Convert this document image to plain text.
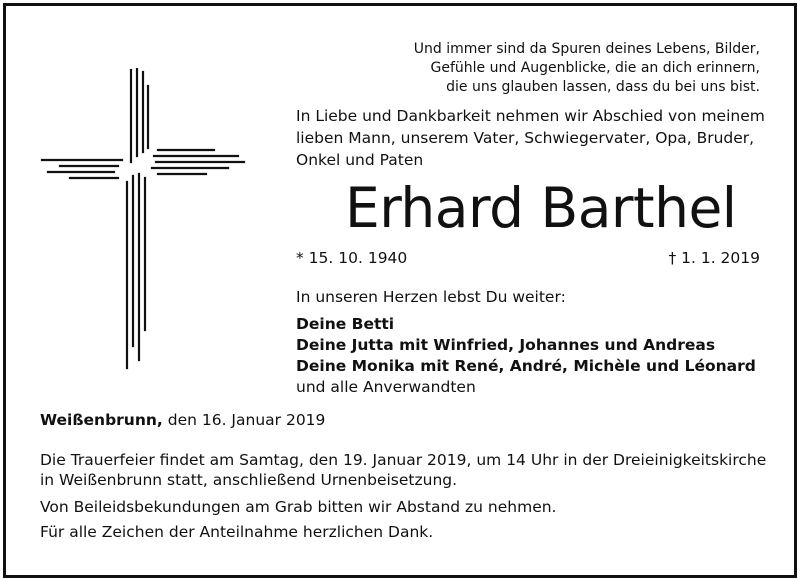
Und immer sind da Spuren deines Lebens, Bilder,
Gefühle und Augenblicke, die an dich erinnern,
die uns glauben lassen, dass du bei uns bist.
In Liebe und Dankbarkeit nehmen wir Abschied von meinem
lieben Mann, unserem Vater, Schwiegervater, Opa, Bruder,
Onkel und Paten
Erhard Barthel
* 15. 10. 1940	† 1. 1. 2019
In unseren Herzen lebst Du weiter:
Deine Betti
Deine Jutta mit Winfried, Johannes und Andreas
Deine Monika mit René, André, Michèle und Léonard
und alle Anverwandten
Weißenbrunn, den 16. Januar 2019
Die Trauerfeier findet am Samtag, den 19. Januar 2019, um 14 Uhr in der Dreieinigkeitskirche
in Weißenbrunn statt, anschließend Urnenbeisetzung.
Von Beileidsbekundungen am Grab bitten wir Abstand zu nehmen.
Für alle Zeichen der Anteilnahme herzlichen Dank.
